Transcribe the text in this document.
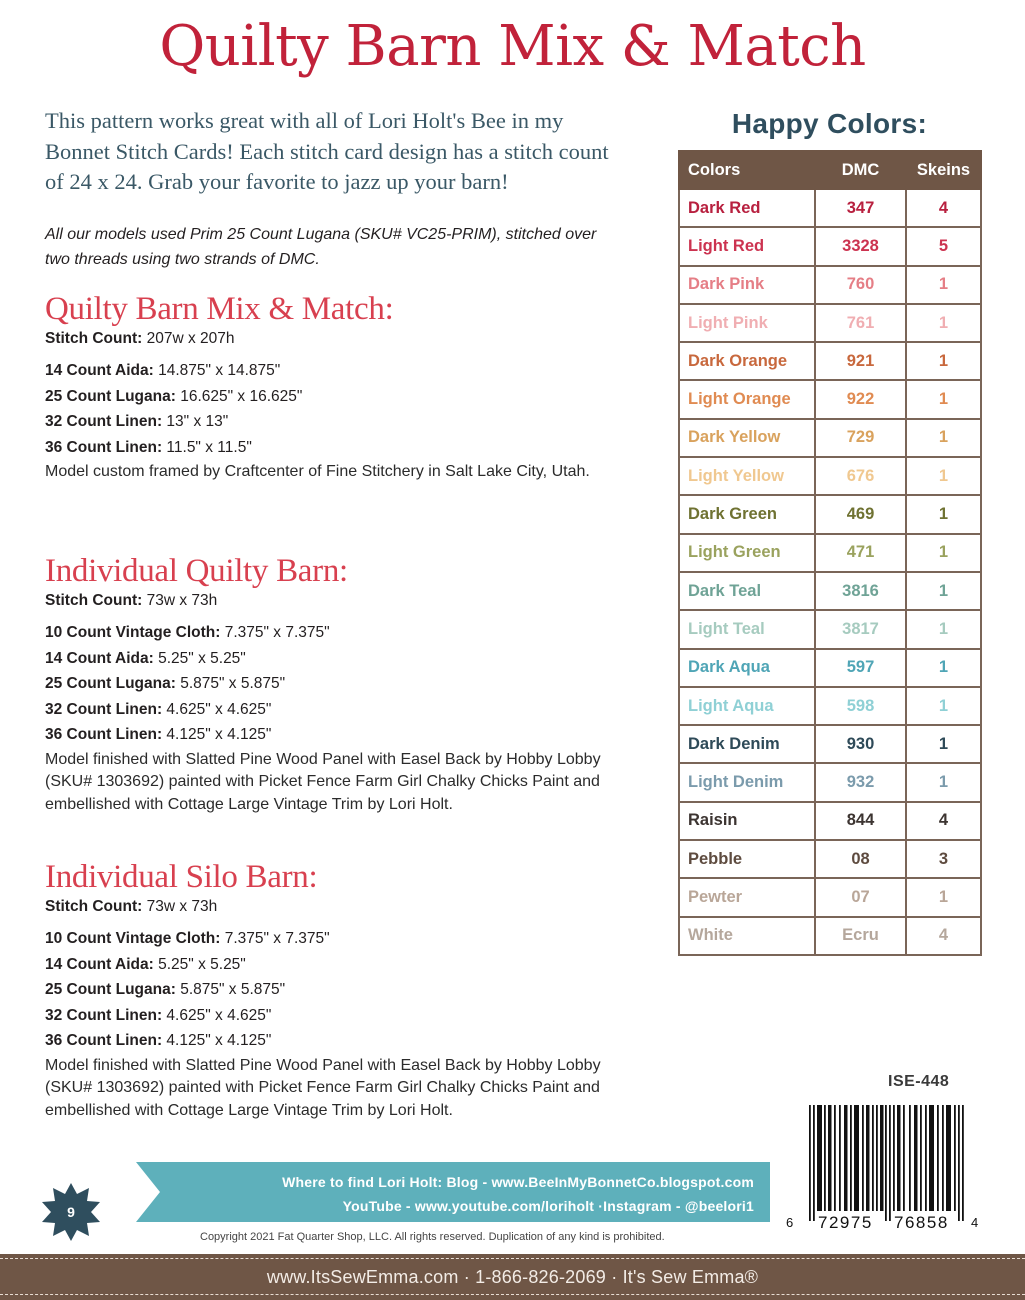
Quilty Barn Mix & Match

This pattern works great with all of Lori Holt's Bee in my Bonnet Stitch Cards! Each stitch card design has a stitch count of 24 x 24. Grab your favorite to jazz up your barn!

All our models used Prim 25 Count Lugana (SKU# VC25-PRIM), stitched over two threads using two strands of DMC.

Quilty Barn Mix & Match:
Stitch Count: 207w x 207h
14 Count Aida: 14.875" x 14.875"
25 Count Lugana: 16.625" x 16.625"
32 Count Linen: 13" x 13"
36 Count Linen: 11.5" x 11.5"

Model custom framed by Craftcenter of Fine Stitchery in Salt Lake City, Utah.

Individual Quilty Barn:
Stitch Count: 73w x 73h
10 Count Vintage Cloth: 7.375" x 7.375"
14 Count Aida: 5.25" x 5.25"
25 Count Lugana: 5.875" x 5.875"
32 Count Linen: 4.625" x 4.625"
36 Count Linen: 4.125" x 4.125"

Model finished with Slatted Pine Wood Panel with Easel Back by Hobby Lobby (SKU# 1303692) painted with Picket Fence Farm Girl Chalky Chicks Paint and embellished with Cottage Large Vintage Trim by Lori Holt.

Individual Silo Barn:
Stitch Count: 73w x 73h
10 Count Vintage Cloth: 7.375" x 7.375"
14 Count Aida: 5.25" x 5.25"
25 Count Lugana: 5.875" x 5.875"
32 Count Linen: 4.625" x 4.625"
36 Count Linen: 4.125" x 4.125"

Model finished with Slatted Pine Wood Panel with Easel Back by Hobby Lobby (SKU# 1303692) painted with Picket Fence Farm Girl Chalky Chicks Paint and embellished with Cottage Large Vintage Trim by Lori Holt.

Happy Colors:
Colors	DMC	Skeins
Dark Red	347	4
Light Red	3328	5
Dark Pink	760	1
Light Pink	761	1
Dark Orange	921	1
Light Orange	922	1
Dark Yellow	729	1
Light Yellow	676	1
Dark Green	469	1
Light Green	471	1
Dark Teal	3816	1
Light Teal	3817	1
Dark Aqua	597	1
Light Aqua	598	1
Dark Denim	930	1
Light Denim	932	1
Raisin	844	4
Pebble	08	3
Pewter	07	1
White	Ecru	4
ISE-448
6 72975 76858 4
9
Where to find Lori Holt: Blog - www.BeeInMyBonnetCo.blogspot.com
YouTube - www.youtube.com/loriholt ·Instagram - @beelori1
Copyright 2021 Fat Quarter Shop, LLC. All rights reserved. Duplication of any kind is prohibited.
www.ItsSewEmma.com · 1-866-826-2069 · It's Sew Emma®
